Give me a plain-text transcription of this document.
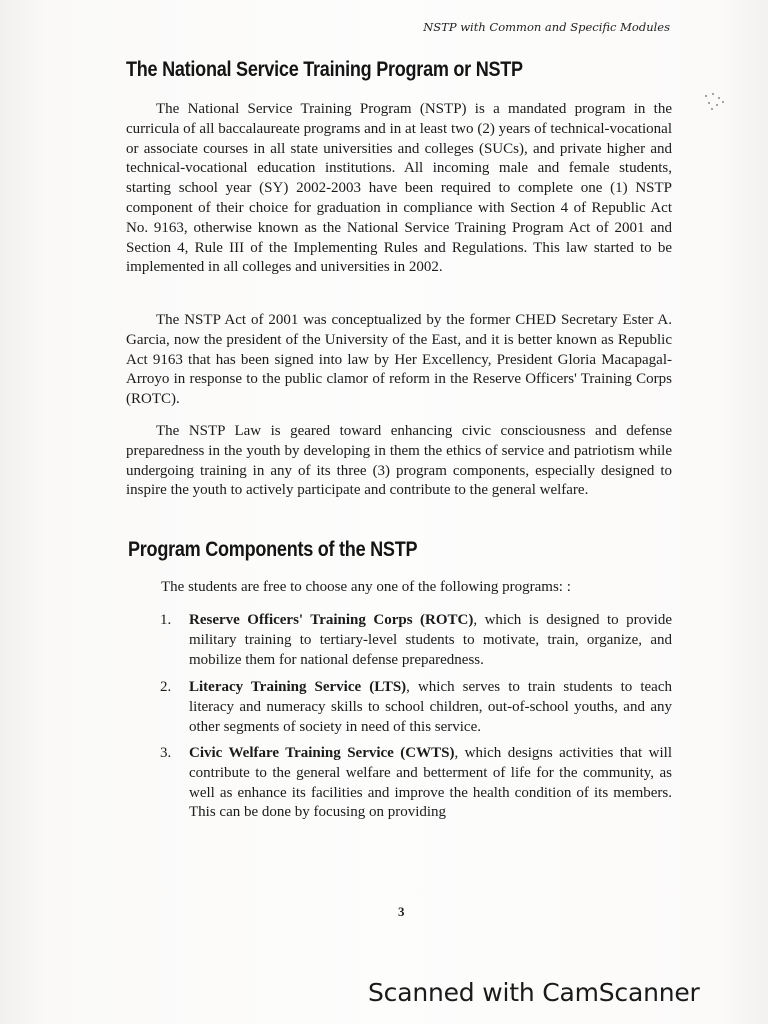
NSTP with Common and Specific Modules
The National Service Training Program or NSTP

The National Service Training Program (NSTP) is a mandated program in the curricula of all baccalaureate programs and in at least two (2) years of technical-vocational or associate courses in all state universities and colleges (SUCs), and private higher and technical-vocational education institutions. All incoming male and female students, starting school year (SY) 2002-2003 have been required to complete one (1) NSTP component of their choice for graduation in compliance with Section 4 of Republic Act No. 9163, otherwise known as the National Service Training Program Act of 2001 and Section 4, Rule III of the Implementing Rules and Regulations. This law started to be implemented in all colleges and universities in 2002.

The NSTP Act of 2001 was conceptualized by the former CHED Secretary Ester A. Garcia, now the president of the University of the East, and it is better known as Republic Act 9163 that has been signed into law by Her Excellency, President Gloria Macapagal-Arroyo in response to the public clamor of reform in the Reserve Officers' Training Corps (ROTC).

The NSTP Law is geared toward enhancing civic consciousness and defense preparedness in the youth by developing in them the ethics of service and patriotism while undergoing training in any of its three (3) program components, especially designed to inspire the youth to actively participate and contribute to the general welfare.

Program Components of the NSTP

The students are free to choose any one of the following programs: :

1.	Reserve Officers' Training Corps (ROTC), which is designed to provide military training to tertiary-level students to motivate, train, organize, and mobilize them for national defense preparedness.
2.	Literacy Training Service (LTS), which serves to train students to teach literacy and numeracy skills to school children, out-of-school youths, and any other segments of society in need of this service.
3.	Civic Welfare Training Service (CWTS), which designs activities that will contribute to the general welfare and betterment of life for the community, as well as enhance its facilities and improve the health condition of its members. This can be done by focusing on providing
3
Scanned with CamScanner
